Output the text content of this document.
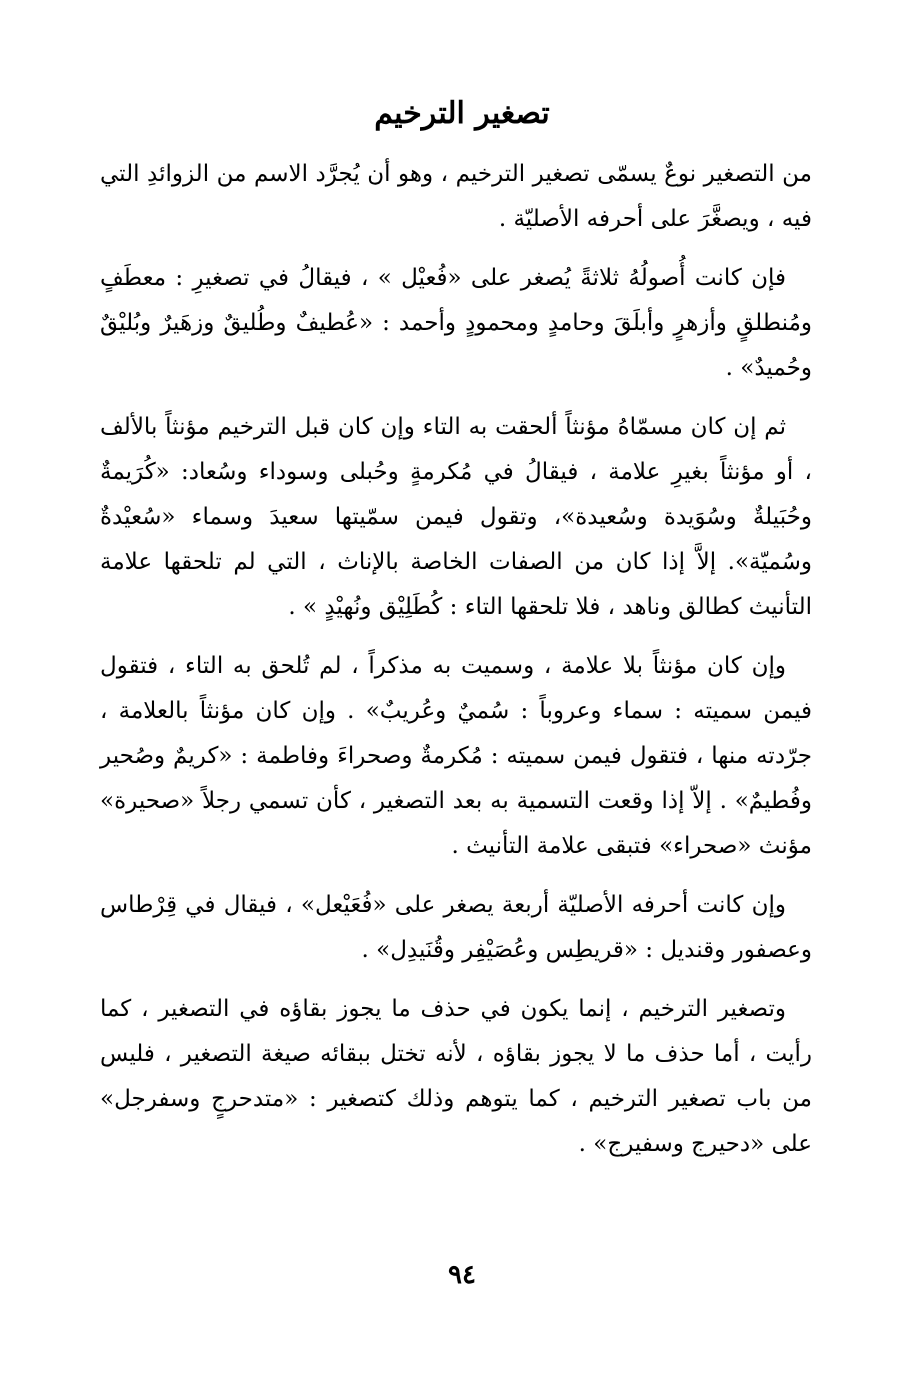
تصغير الترخيم

من التصغير نوعٌ يسمّى تصغير الترخيم ، وهو أن يُجرَّد الاسم من الزوائدِ التي فيه ، ويصغَّرَ على أحرفه الأصليّة .

فإن كانت أُصولُهُ ثلاثةً يُصغر على «فُعيْل » ، فيقالُ في تصغيرِ : معطَفٍ ومُنطلقٍ وأزهرٍ وأبلَقَ وحامدٍ ومحمودٍ وأحمد : «عُطيفٌ وطُليقٌ وزهَيرٌ وبُليْقٌ وحُميدٌ» .

ثم إن كان مسمّاهُ مؤنثاً ألحقت به التاء وإن كان قبل الترخيم مؤنثاً بالألف ، أو مؤنثاً بغيرِ علامة ، فيقالُ في مُكرمةٍ وحُبلى وسوداء وسُعاد: «كُرَيمةٌ وحُبَيلةٌ وسُوَيدة وسُعيدة»، وتقول فيمن سمّيتها سعيدَ وسماء «سُعيْدةٌ وسُميّة». إلاَّ إذا كان من الصفات الخاصة بالإناث ، التي لم تلحقها علامة التأنيث كطالق وناهد ، فلا تلحقها التاء : كُطَلِيْق ونُهيْدٍ » .

وإن كان مؤنثاً بلا علامة ، وسميت به مذكراً ، لم تُلحق به التاء ، فتقول فيمن سميته : سماء وعروباً : سُميٌ وعُريبٌ» . وإن كان مؤنثاً بالعلامة ، جرّدته منها ، فتقول فيمن سميته : مُكرمةٌ وصحراءَ وفاطمة : «كريمٌ وصُحير وفُطيمٌ» . إلاّ إذا وقعت التسمية به بعد التصغير ، كأن تسمي رجلاً «صحيرة» مؤنث «صحراء» فتبقى علامة التأنيث .

وإن كانت أحرفه الأصليّة أربعة يصغر على «فُعَيْعل» ، فيقال في قِرْطاس وعصفور وقنديل : «قريطِس وعُصَيْفِر وقُنَيدِل» .

وتصغير الترخيم ، إنما يكون في حذف ما يجوز بقاؤه في التصغير ، كما رأيت ، أما حذف ما لا يجوز بقاؤه ، لأنه تختل ببقائه صيغة التصغير ، فليس من باب تصغير الترخيم ، كما يتوهم وذلك كتصغير : «متدحرجٍ وسفرجل» على «دحيرج وسفيرج» .

٩٤
